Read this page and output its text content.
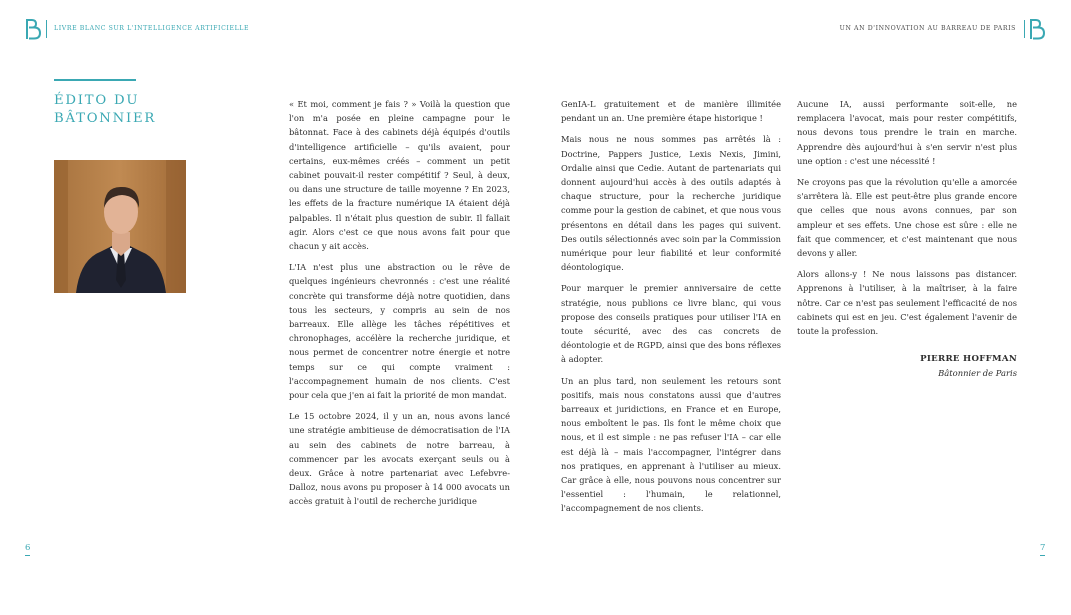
LIVRE BLANC SUR L'INTELLIGENCE ARTIFICIELLE	UN AN D'INNOVATION AU BARREAU DE PARIS
ÉDITO DU
BÂTONNIER

« Et moi, comment je fais ? » Voilà la question que l'on m'a posée en pleine campagne pour le bâtonnat. Face à des cabinets déjà équipés d'outils d'intelligence artificielle – qu'ils avaient, pour certains, eux-mêmes créés – comment un petit cabinet pouvait-il rester compétitif ? Seul, à deux, ou dans une structure de taille moyenne ? En 2023, les effets de la fracture numérique IA étaient déjà palpables. Il n'était plus question de subir. Il fallait agir. Alors c'est ce que nous avons fait pour que chacun y ait accès.

L'IA n'est plus une abstraction ou le rêve de quelques ingénieurs chevronnés : c'est une réalité concrète qui transforme déjà notre quotidien, dans tous les secteurs, y compris au sein de nos barreaux. Elle allège les tâches répétitives et chronophages, accélère la recherche juridique, et nous permet de concentrer notre énergie et notre temps sur ce qui compte vraiment : l'accompagnement humain de nos clients. C'est pour cela que j'en ai fait la priorité de mon mandat.

Le 15 octobre 2024, il y un an, nous avons lancé une stratégie ambitieuse de démocratisation de l'IA au sein des cabinets de notre barreau, à commencer par les avocats exerçant seuls ou à deux. Grâce à notre partenariat avec Lefebvre-Dalloz, nous avons pu proposer à 14 000 avocats un accès gratuit à l'outil de recherche juridique

GenIA-L gratuitement et de manière illimitée pendant un an. Une première étape historique !

Mais nous ne nous sommes pas arrêtés là : Doctrine, Pappers Justice, Lexis Nexis, Jimini, Ordalie ainsi que Cedie. Autant de partenariats qui donnent aujourd'hui accès à des outils adaptés à chaque structure, pour la recherche juridique comme pour la gestion de cabinet, et que nous vous présentons en détail dans les pages qui suivent. Des outils sélectionnés avec soin par la Commission numérique pour leur fiabilité et leur conformité déontologique.

Pour marquer le premier anniversaire de cette stratégie, nous publions ce livre blanc, qui vous propose des conseils pratiques pour utiliser l'IA en toute sécurité, avec des cas concrets de déontologie et de RGPD, ainsi que des bons réflexes à adopter.

Un an plus tard, non seulement les retours sont positifs, mais nous constatons aussi que d'autres barreaux et juridictions, en France et en Europe, nous emboîtent le pas. Ils font le même choix que nous, et il est simple : ne pas refuser l'IA – car elle est déjà là – mais l'accompagner, l'intégrer dans nos pratiques, en apprenant à l'utiliser au mieux. Car grâce à elle, nous pouvons nous concentrer sur l'essentiel : l'humain, le relationnel, l'accompagnement de nos clients.

Aucune IA, aussi performante soit-elle, ne remplacera l'avocat, mais pour rester compétitifs, nous devons tous prendre le train en marche. Apprendre dès aujourd'hui à s'en servir n'est plus une option : c'est une nécessité !

Ne croyons pas que la révolution qu'elle a amorcée s'arrêtera là. Elle est peut-être plus grande encore que celles que nous avons connues, par son ampleur et ses effets. Une chose est sûre : elle ne fait que commencer, et c'est maintenant que nous devons y aller.

Alors allons-y ! Ne nous laissons pas distancer. Apprenons à l'utiliser, à la maîtriser, à la faire nôtre. Car ce n'est pas seulement l'efficacité de nos cabinets qui est en jeu. C'est également l'avenir de toute la profession.

PIERRE HOFFMAN
Bâtonnier de Paris
6	7
